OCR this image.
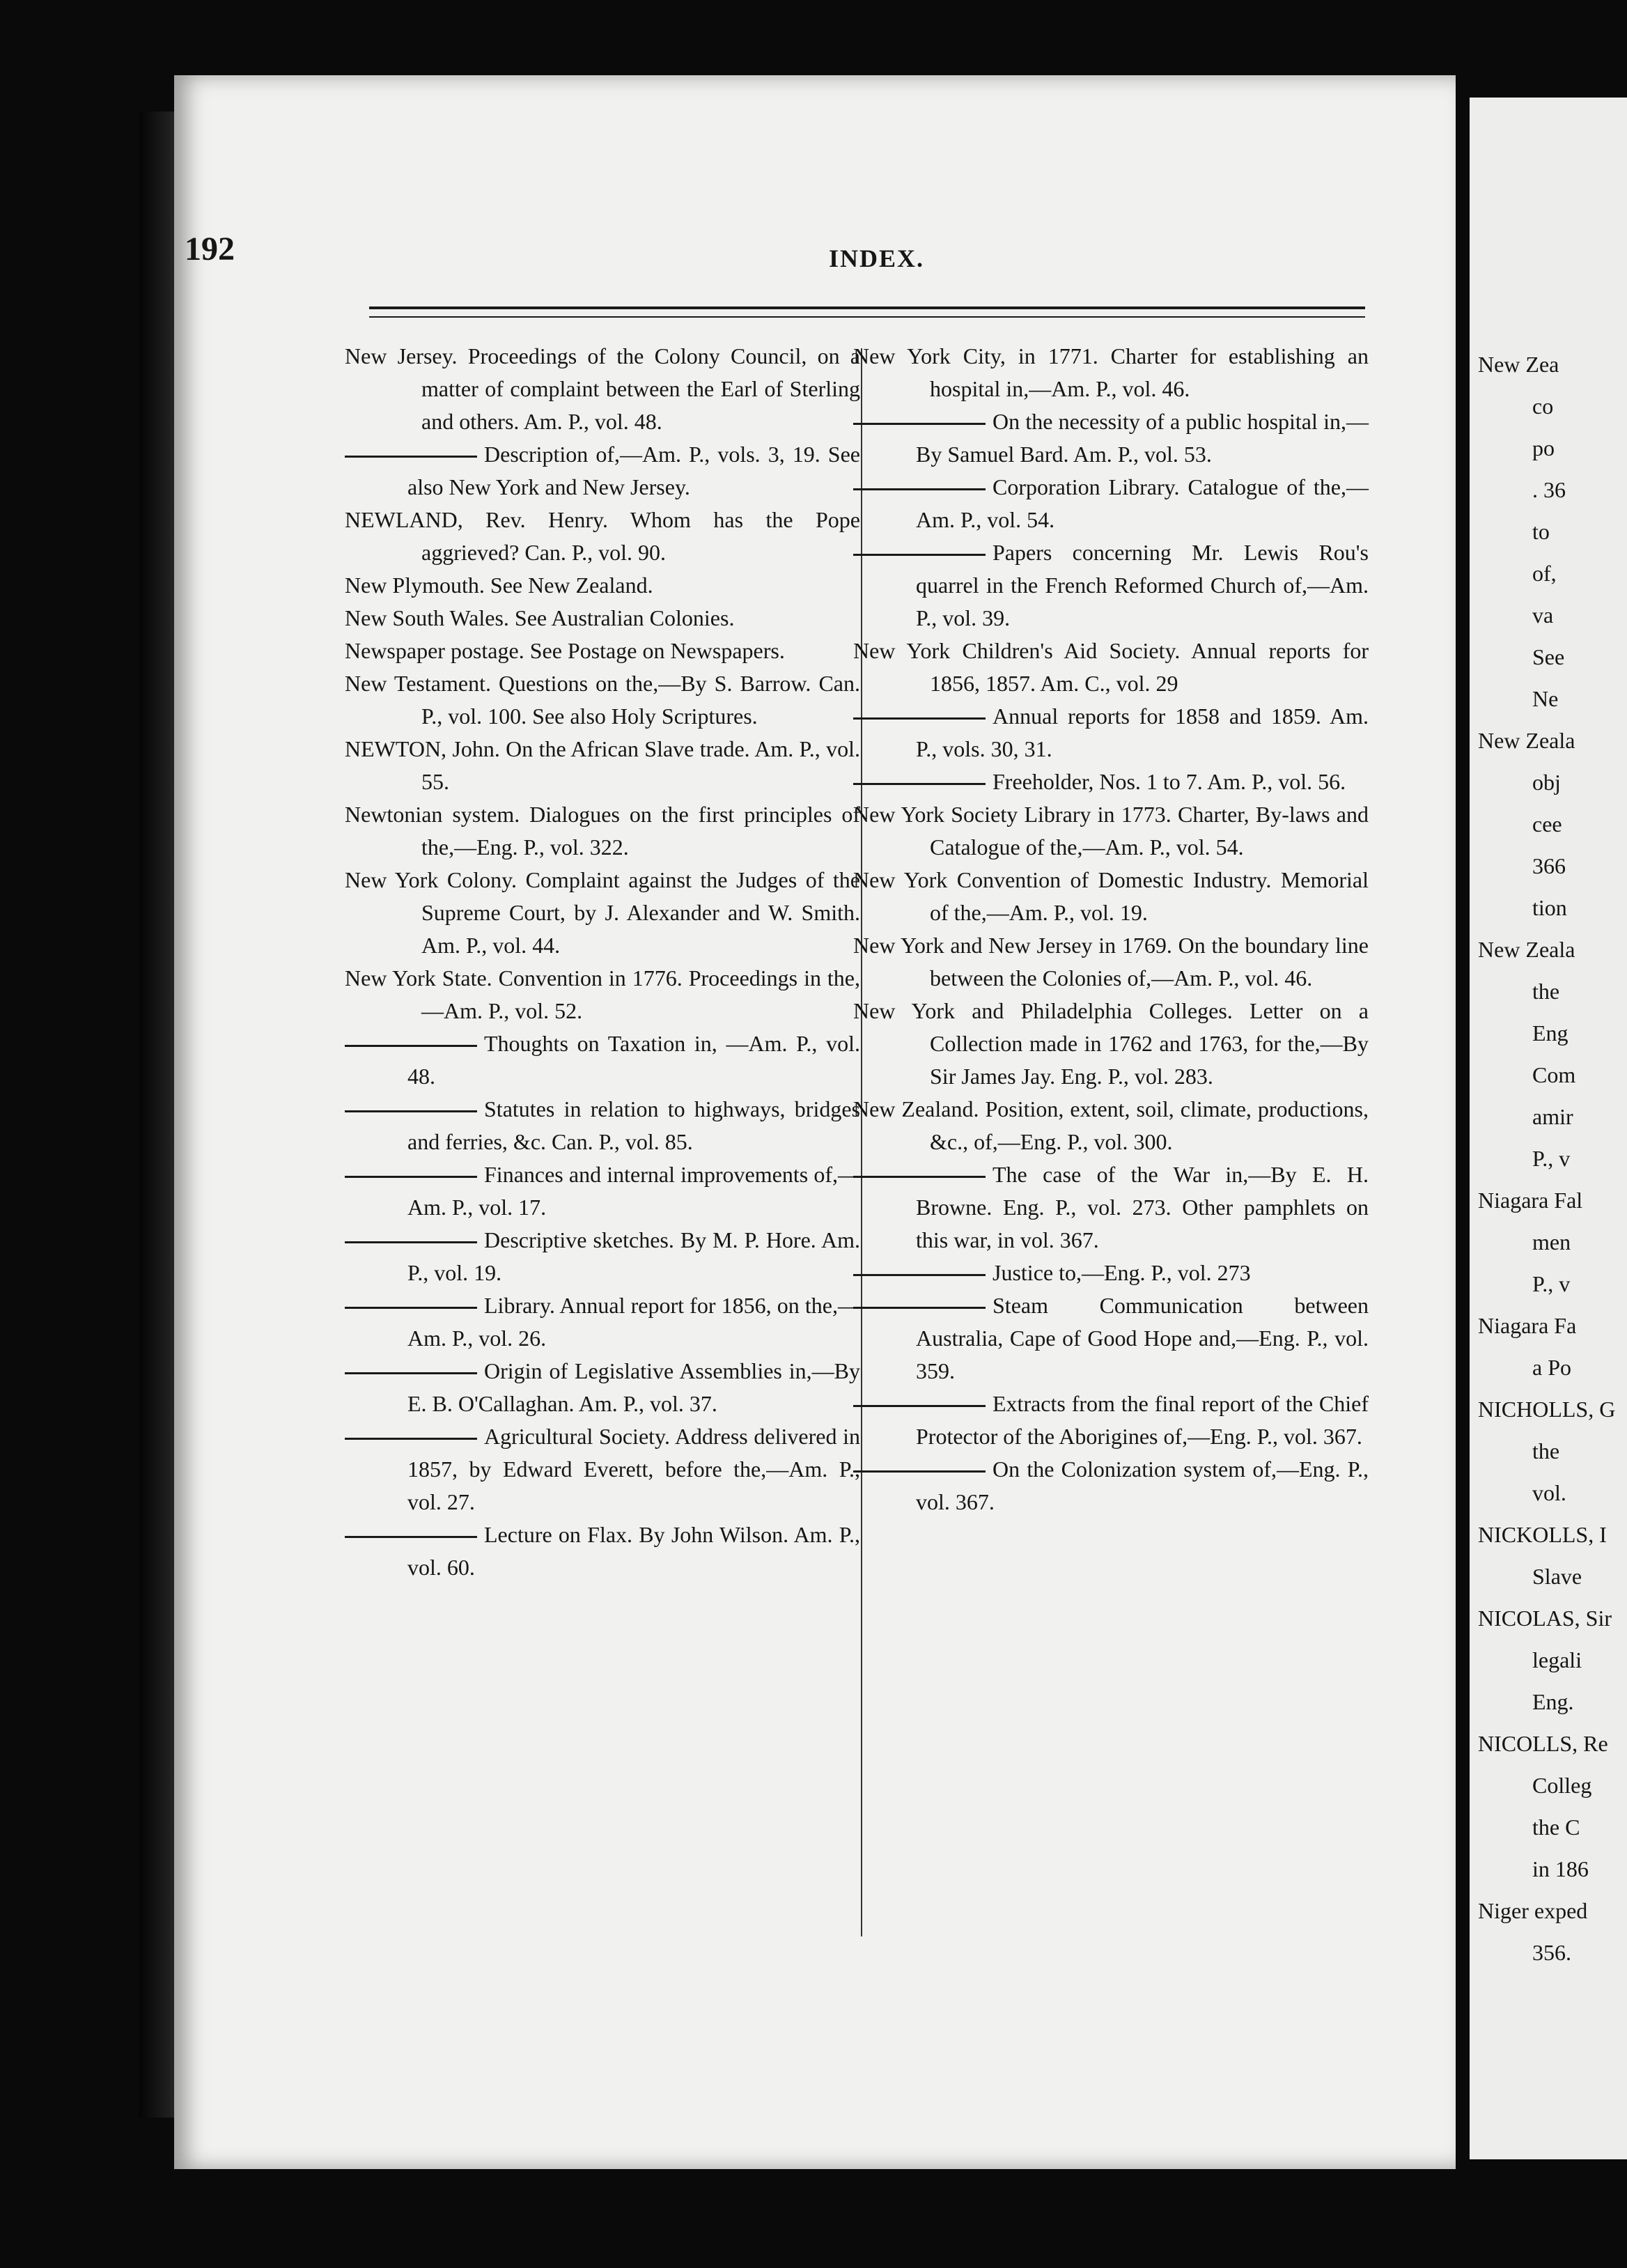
192	INDEX.

New Jersey. Proceedings of the Colony Council, on a matter of complaint between the Earl of Sterling and others. Am. P., vol. 48.

Description of,—Am. P., vols. 3, 19. See also New York and New Jersey.

NEWLAND, Rev. Henry. Whom has the Pope aggrieved? Can. P., vol. 90.

New Plymouth. See New Zealand.

New South Wales. See Australian Colonies.

Newspaper postage. See Postage on Newspapers.

New Testament. Questions on the,—By S. Barrow. Can. P., vol. 100. See also Holy Scriptures.

NEWTON, John. On the African Slave trade. Am. P., vol. 55.

Newtonian system. Dialogues on the first principles of the,—Eng. P., vol. 322.

New York Colony. Complaint against the Judges of the Supreme Court, by J. Alexander and W. Smith. Am. P., vol. 44.

New York State. Convention in 1776. Proceedings in the,—Am. P., vol. 52.

Thoughts on Taxation in, —Am. P., vol. 48.

Statutes in relation to highways, bridges and ferries, &c. Can. P., vol. 85.

Finances and internal improvements of,—Am. P., vol. 17.

Descriptive sketches. By M. P. Hore. Am. P., vol. 19.

Library. Annual report for 1856, on the,—Am. P., vol. 26.

Origin of Legislative Assemblies in,—By E. B. O'Callaghan. Am. P., vol. 37.

Agricultural Society. Address delivered in 1857, by Edward Everett, before the,—Am. P., vol. 27.

Lecture on Flax. By John Wilson. Am. P., vol. 60.

New York City, in 1771. Charter for establishing an hospital in,—Am. P., vol. 46.

On the necessity of a public hospital in,—By Samuel Bard. Am. P., vol. 53.

Corporation Library. Catalogue of the,—Am. P., vol. 54.

Papers concerning Mr. Lewis Rou's quarrel in the French Reformed Church of,—Am. P., vol. 39.

New York Children's Aid Society. Annual reports for 1856, 1857. Am. C., vol. 29

Annual reports for 1858 and 1859. Am. P., vols. 30, 31.

Freeholder, Nos. 1 to 7. Am. P., vol. 56.

New York Society Library in 1773. Charter, By-laws and Catalogue of the,—Am. P., vol. 54.

New York Convention of Domestic Industry. Memorial of the,—Am. P., vol. 19.

New York and New Jersey in 1769. On the boundary line between the Colonies of,—Am. P., vol. 46.

New York and Philadelphia Colleges. Letter on a Collection made in 1762 and 1763, for the,—By Sir James Jay. Eng. P., vol. 283.

New Zealand. Position, extent, soil, climate, productions, &c., of,—Eng. P., vol. 300.

The case of the War in,—By E. H. Browne. Eng. P., vol. 273. Other pamphlets on this war, in vol. 367.

Justice to,—Eng. P., vol. 273

Steam Communication between Australia, Cape of Good Hope and,—Eng. P., vol. 359.

Extracts from the final report of the Chief Protector of the Aborigines of,—Eng. P., vol. 367.

On the Colonization system of,—Eng. P., vol. 367.

New Zea
co
po
. 36
to
of,
va
See
Ne
New Zeala
obj
cee
366
tion
New Zeala
the
Eng
Com
amir
P., v
Niagara Fal
men
P., v
Niagara Fa
a Po
NICHOLLS, G
the
vol.
NICKOLLS, I
Slave
NICOLAS, Sir
legali
Eng.
NICOLLS, Re
Colleg
the C
in 186
Niger exped
356.
